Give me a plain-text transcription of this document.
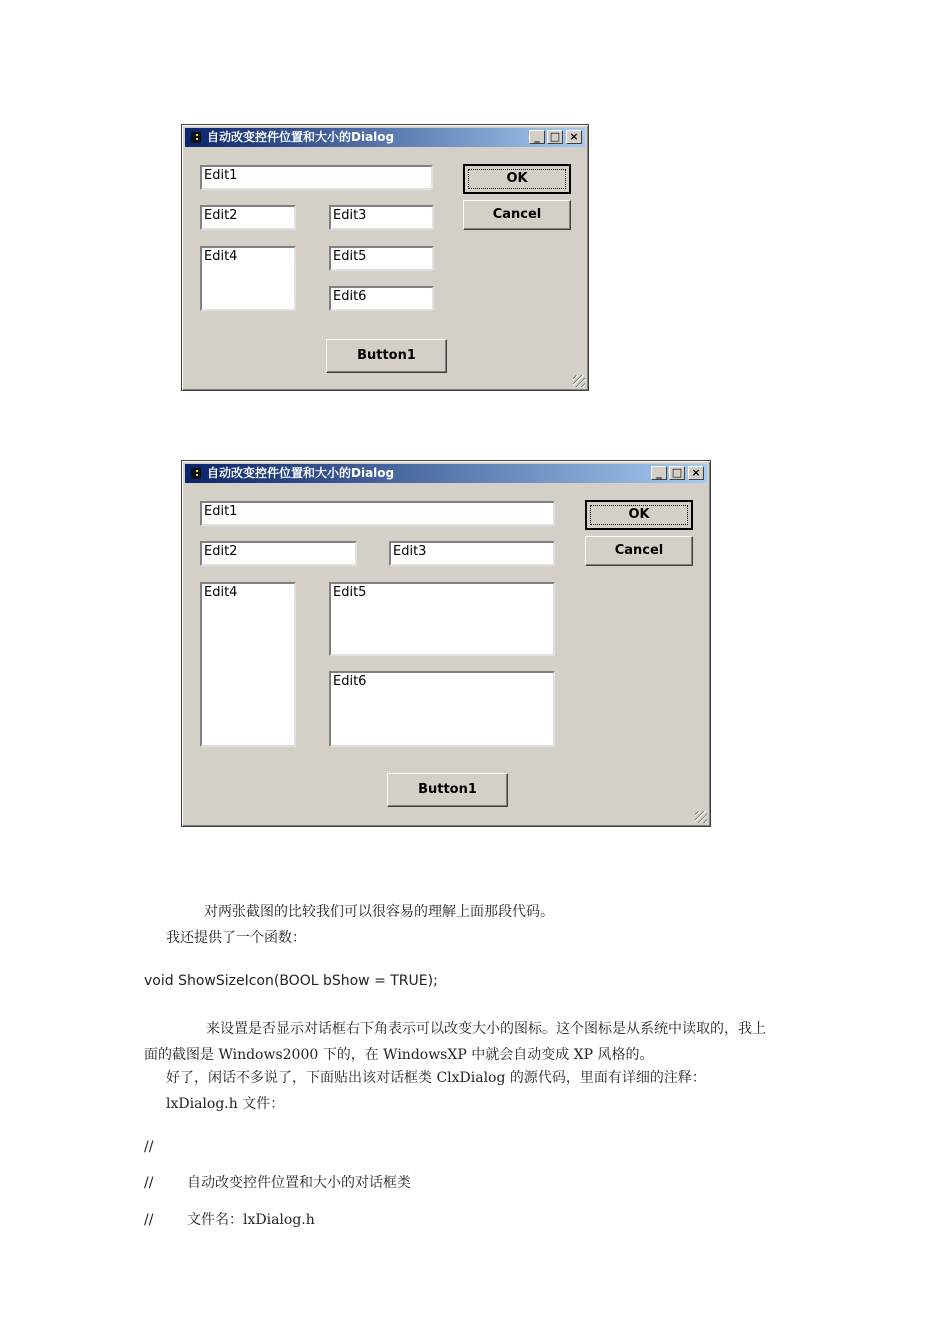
自动改变控件位置和大小的Dialog	_ □ ×
Edit1
Edit2	Edit3
Edit4	Edit5
Edit6
OK
Cancel
Button1
自动改变控件位置和大小的Dialog	_ □ ×
Edit1
Edit2	Edit3
Edit4	Edit5
Edit6
OK
Cancel
Button1
对两张截图的比较我们可以很容易的理解上面那段代码。
我还提供了一个函数：
void ShowSizeIcon(BOOL bShow = TRUE);
来设置是否显示对话框右下角表示可以改变大小的图标。这个图标是从系统中读取的，我上
面的截图是 Windows2000 下的，在 WindowsXP 中就会自动变成 XP 风格的。
好了，闲话不多说了，下面贴出该对话框类 ClxDialog 的源代码，里面有详细的注释：
lxDialog.h 文件：
//
// 自动改变控件位置和大小的对话框类
// 文件名：lxDialog.h
